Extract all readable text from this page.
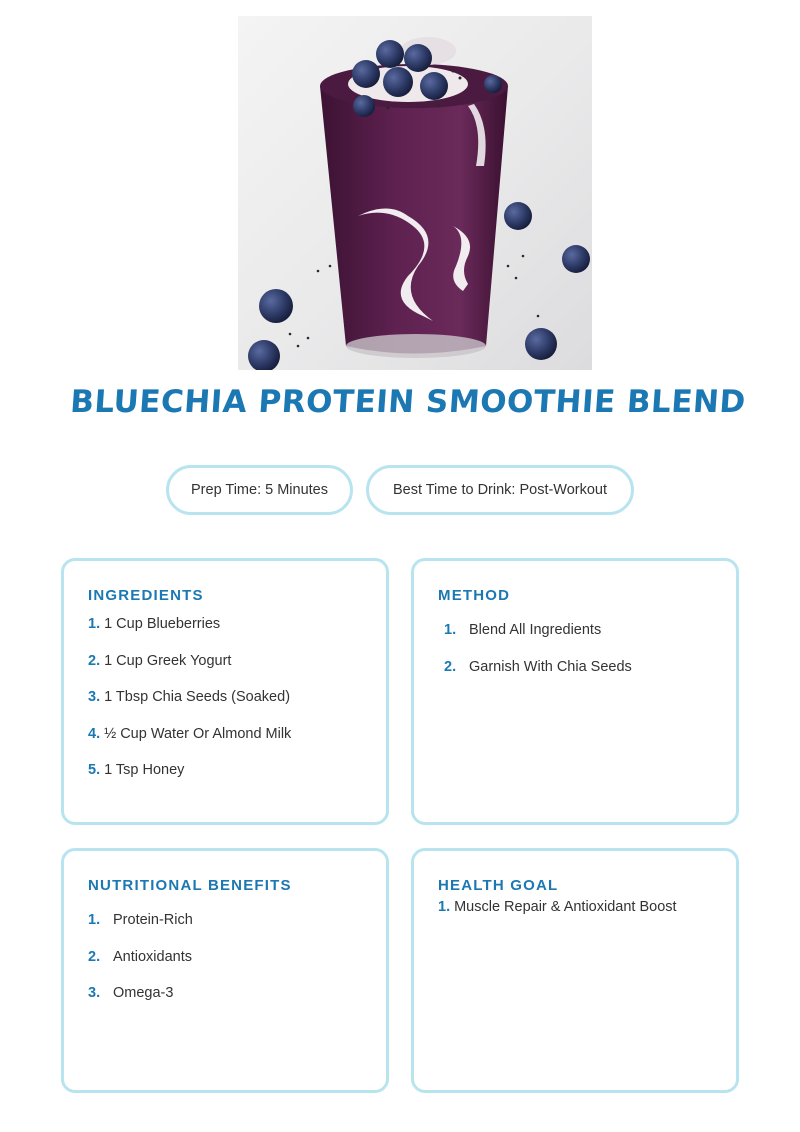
BLUECHIA PROTEIN SMOOTHIE BLEND
Prep Time: 5 Minutes	Best Time to Drink: Post-Workout
INGREDIENTS
1. 1 Cup Blueberries
2. 1 Cup Greek Yogurt
3. 1 Tbsp Chia Seeds (Soaked)
4. ½ Cup Water Or Almond Milk
5. 1 Tsp Honey
METHOD
1. Blend All Ingredients
2. Garnish With Chia Seeds
NUTRITIONAL BENEFITS
1. Protein-Rich
2. Antioxidants
3. Omega-3
HEALTH GOAL
1. Muscle Repair & Antioxidant Boost
